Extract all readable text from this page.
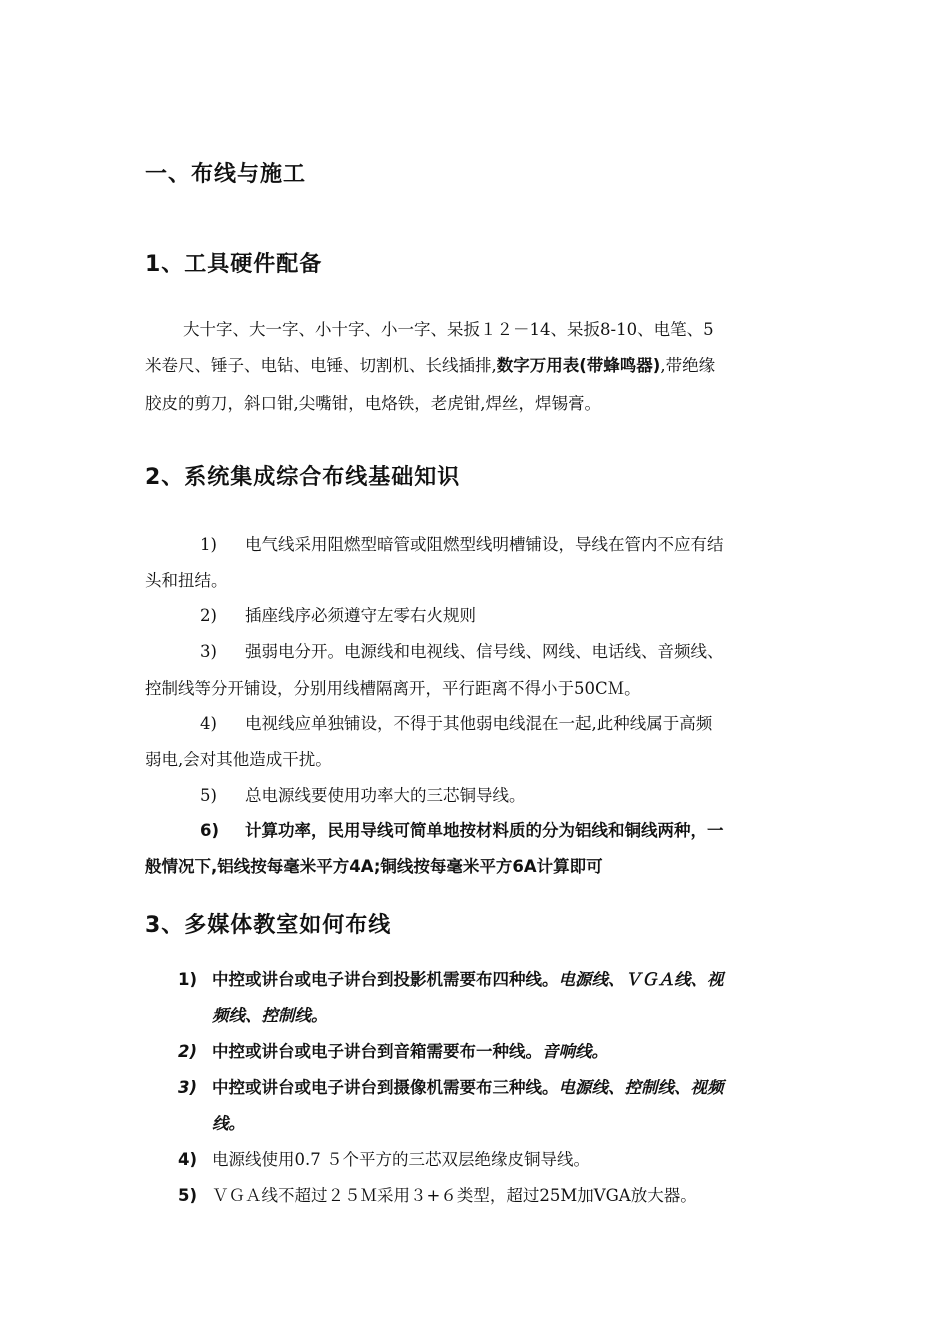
一、布线与施工
1、工具硬件配备
大十字、大一字、小十字、小一字、呆扳１２－14、呆扳8-10、电笔、5
米卷尺、锤子、电钻、电锤、切割机、长线插排,数字万用表(带蜂鸣器),带绝缘
胶皮的剪刀，斜口钳,尖嘴钳，电烙铁，老虎钳,焊丝，焊锡膏。
2、系统集成综合布线基础知识
1) 电气线采用阻燃型暗管或阻燃型线明槽铺设，导线在管内不应有结
头和扭结。
2) 插座线序必须遵守左零右火规则
3) 强弱电分开。电源线和电视线、信号线、网线、电话线、音频线、
控制线等分开铺设，分别用线槽隔离开，平行距离不得小于50CＭ。
4) 电视线应单独铺设，不得于其他弱电线混在一起,此种线属于高频
弱电,会对其他造成干扰。
5) 总电源线要使用功率大的三芯铜导线。
6) 计算功率，民用导线可简单地按材料质的分为铝线和铜线两种，一
般情况下,铝线按每毫米平方4A;铜线按每毫米平方6A计算即可
3、多媒体教室如何布线
1) 中控或讲台或电子讲台到投影机需要布四种线。电源线、ＶＧＡ线、视
频线、控制线。
2) 中控或讲台或电子讲台到音箱需要布一种线。音响线。
3) 中控或讲台或电子讲台到摄像机需要布三种线。电源线、控制线、视频
线。
4) 电源线使用0.7 ５个平方的三芯双层绝缘皮铜导线。
5) ＶＧＡ线不超过２５Ｍ采用３+６类型，超过25M加VGA放大器。
